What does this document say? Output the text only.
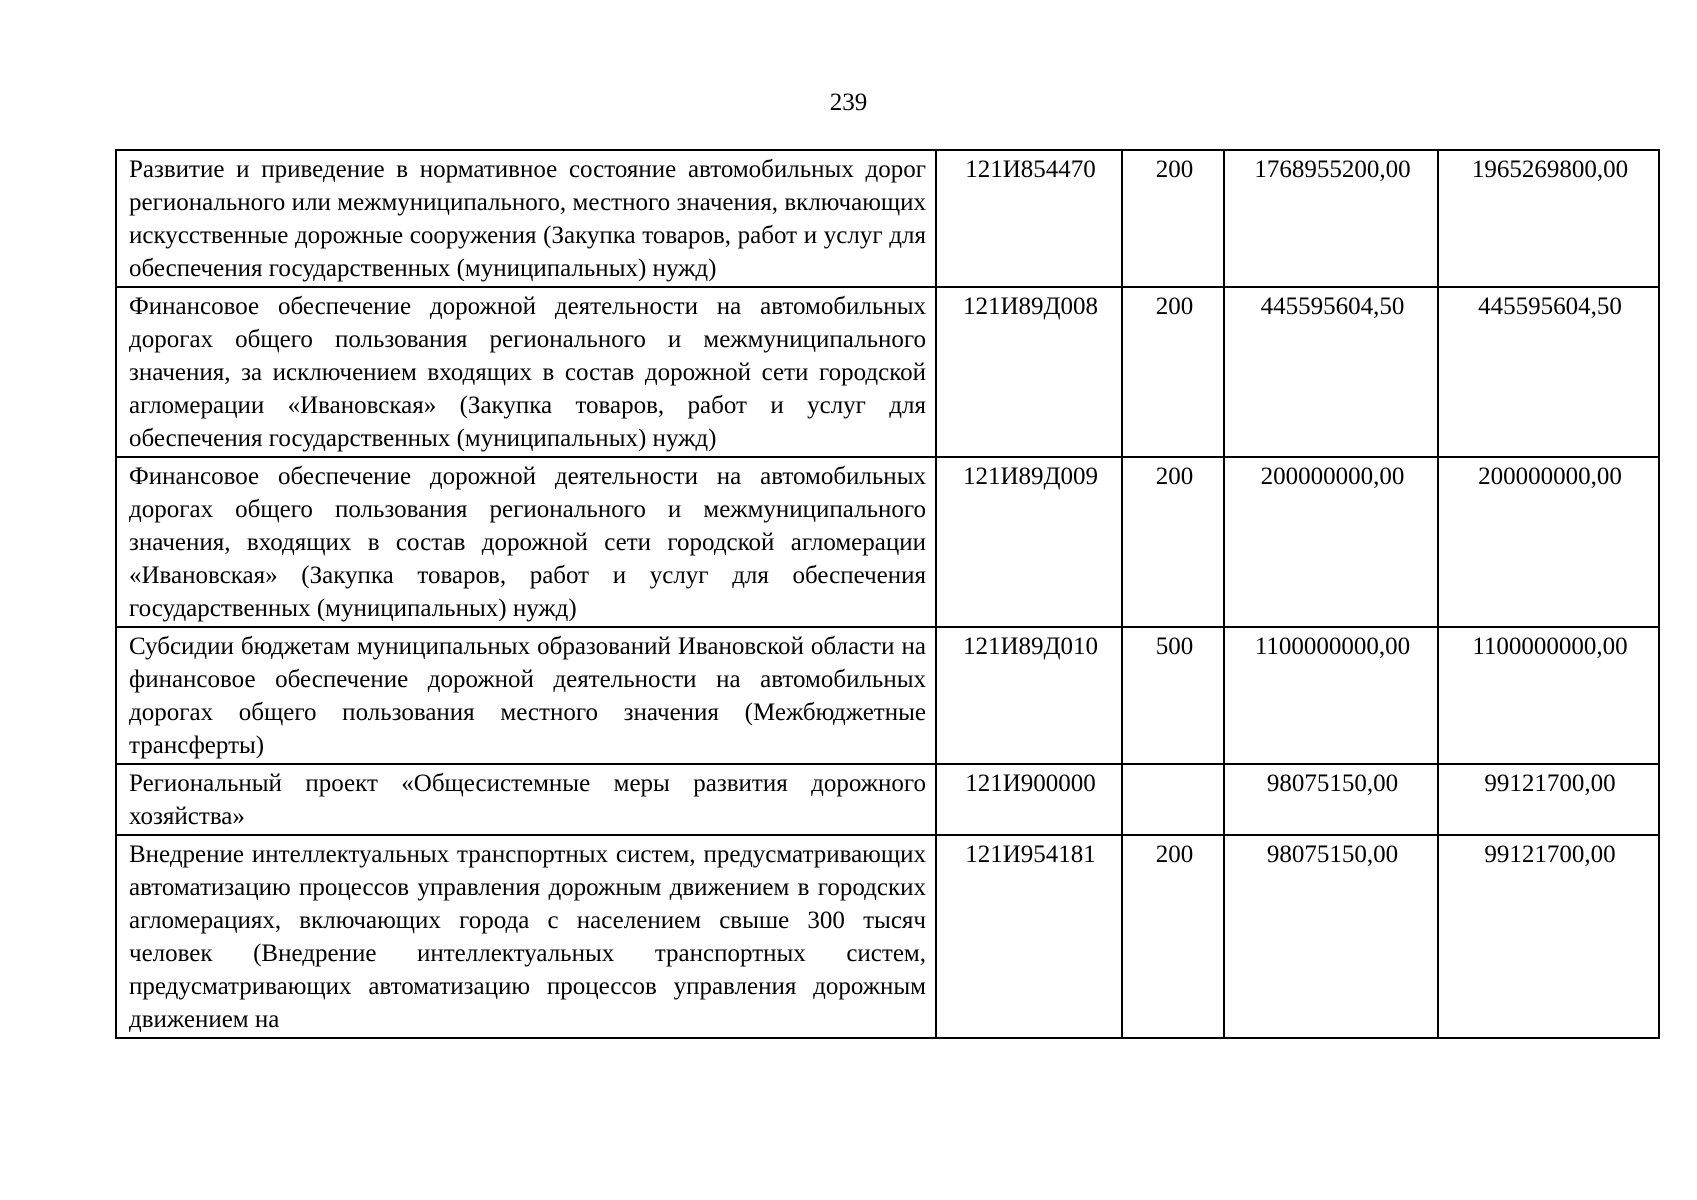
239
Развитие и приведение в нормативное состояние автомобильных дорог регионального или межмуниципального, местного значения, включающих искусственные дорожные сооружения (Закупка товаров, работ и услуг для обеспечения государственных (муниципальных) нужд)	121И854470	200	1768955200,00	1965269800,00
Финансовое обеспечение дорожной деятельности на автомобильных дорогах общего пользования регионального и межмуниципального значения, за исключением входящих в состав дорожной сети городской агломерации «Ивановская» (Закупка товаров, работ и услуг для обеспечения государственных (муниципальных) нужд)	121И89Д008	200	445595604,50	445595604,50
Финансовое обеспечение дорожной деятельности на автомобильных дорогах общего пользования регионального и межмуниципального значения, входящих в состав дорожной сети городской агломерации «Ивановская» (Закупка товаров, работ и услуг для обеспечения государственных (муниципальных) нужд)	121И89Д009	200	200000000,00	200000000,00
Субсидии бюджетам муниципальных образований Ивановской области на финансовое обеспечение дорожной деятельности на автомобильных дорогах общего пользования местного значения (Межбюджетные трансферты)	121И89Д010	500	1100000000,00	1100000000,00
Региональный проект «Общесистемные меры развития дорожного хозяйства»	121И900000		98075150,00	99121700,00
Внедрение интеллектуальных транспортных систем, предусматривающих автоматизацию процессов управления дорожным движением в городских агломерациях, включающих города с населением свыше 300 тысяч человек (Внедрение интеллектуальных транспортных систем, предусматривающих автоматизацию процессов управления дорожным движением на	121И954181	200	98075150,00	99121700,00
